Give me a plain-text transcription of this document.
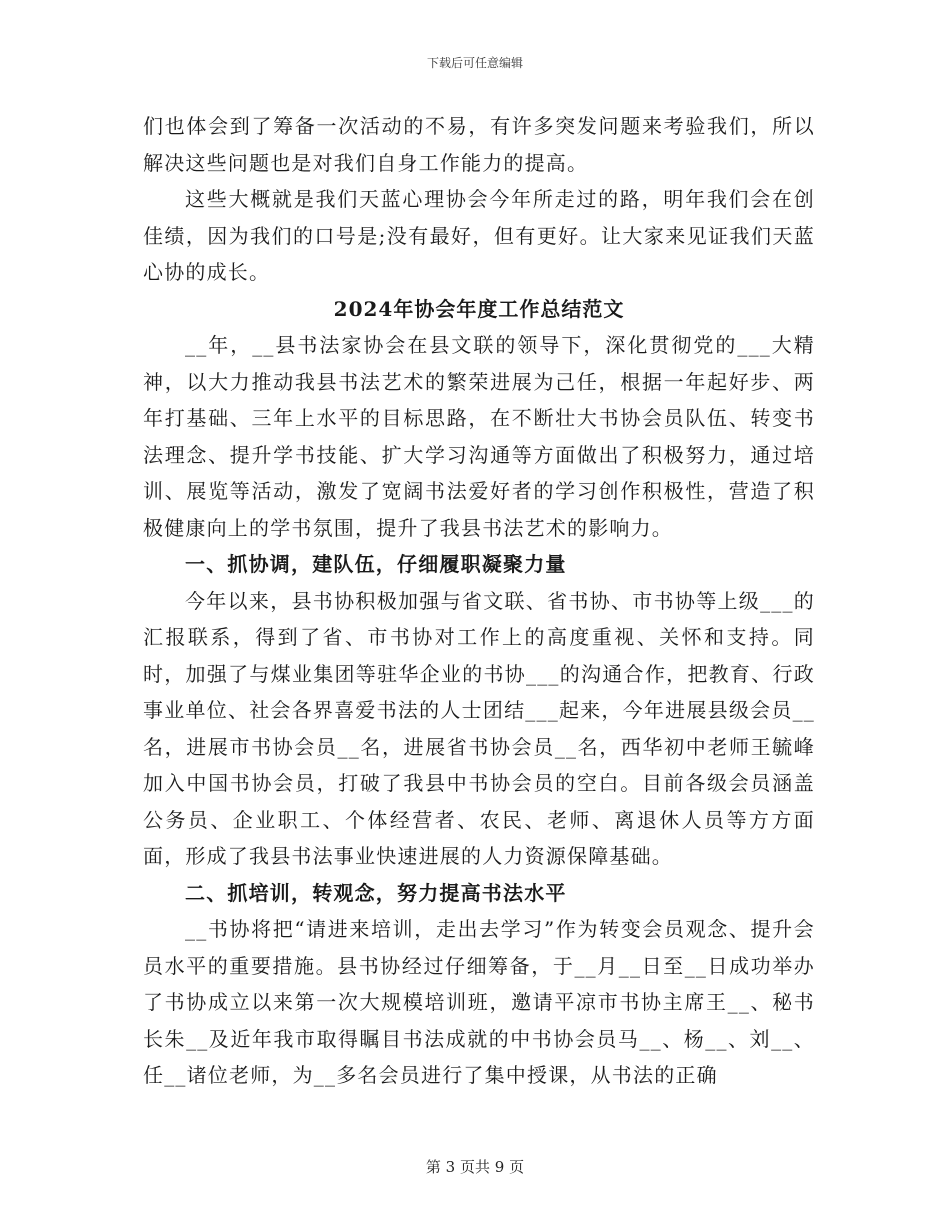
下载后可任意编辑

们也体会到了筹备一次活动的不易，有许多突发问题来考验我们，所以解决这些问题也是对我们自身工作能力的提高。

这些大概就是我们天蓝心理协会今年所走过的路，明年我们会在创佳绩，因为我们的口号是;没有最好，但有更好。让大家来见证我们天蓝心协的成长。

2024年协会年度工作总结范文

__年，__县书法家协会在县文联的领导下，深化贯彻党的___大精神，以大力推动我县书法艺术的繁荣进展为己任，根据一年起好步、两年打基础、三年上水平的目标思路，在不断壮大书协会员队伍、转变书法理念、提升学书技能、扩大学习沟通等方面做出了积极努力，通过培训、展览等活动，激发了宽阔书法爱好者的学习创作积极性，营造了积极健康向上的学书氛围，提升了我县书法艺术的影响力。

一、抓协调，建队伍，仔细履职凝聚力量

今年以来，县书协积极加强与省文联、省书协、市书协等上级___的汇报联系，得到了省、市书协对工作上的高度重视、关怀和支持。同时，加强了与煤业集团等驻华企业的书协___的沟通合作，把教育、行政事业单位、社会各界喜爱书法的人士团结___起来，今年进展县级会员__名，进展市书协会员__名，进展省书协会员__名，西华初中老师王毓峰加入中国书协会员，打破了我县中书协会员的空白。目前各级会员涵盖公务员、企业职工、个体经营者、农民、老师、离退休人员等方方面面，形成了我县书法事业快速进展的人力资源保障基础。

二、抓培训，转观念，努力提高书法水平

__书协将把“请进来培训，走出去学习”作为转变会员观念、提升会员水平的重要措施。县书协经过仔细筹备，于__月__日至__日成功举办了书协成立以来第一次大规模培训班，邀请平凉市书协主席王__、秘书长朱__及近年我市取得瞩目书法成就的中书协会员马__、杨__、刘__、任__诸位老师，为__多名会员进行了集中授课，从书法的正确

第 3 页共 9 页
